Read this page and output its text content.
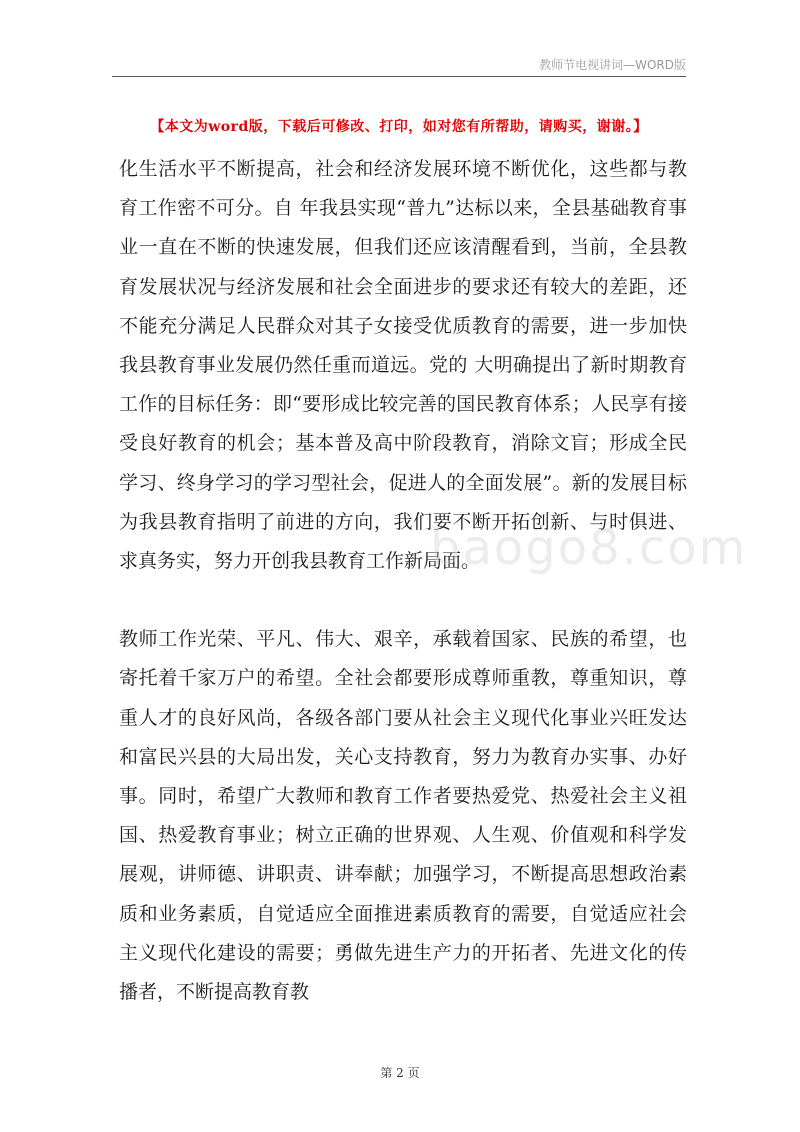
教师节电视讲词—WORD版
【本文为word版，下载后可修改、打印，如对您有所帮助，请购买，谢谢。】

化生活水平不断提高，社会和经济发展环境不断优化，这些都与教育工作密不可分。自 年我县实现“普九”达标以来，全县基础教育事业一直在不断的快速发展，但我们还应该清醒看到，当前，全县教育发展状况与经济发展和社会全面进步的要求还有较大的差距，还不能充分满足人民群众对其子女接受优质教育的需要，进一步加快我县教育事业发展仍然任重而道远。党的 大明确提出了新时期教育工作的目标任务：即“要形成比较完善的国民教育体系；人民享有接受良好教育的机会；基本普及高中阶段教育，消除文盲；形成全民学习、终身学习的学习型社会，促进人的全面发展”。新的发展目标为我县教育指明了前进的方向，我们要不断开拓创新、与时俱进、求真务实，努力开创我县教育工作新局面。

教师工作光荣、平凡、伟大、艰辛，承载着国家、民族的希望，也寄托着千家万户的希望。全社会都要形成尊师重教，尊重知识，尊重人才的良好风尚，各级各部门要从社会主义现代化事业兴旺发达和富民兴县的大局出发，关心支持教育，努力为教育办实事、办好事。同时，希望广大教师和教育工作者要热爱党、热爱社会主义祖国、热爱教育事业；树立正确的世界观、人生观、价值观和科学发展观，讲师德、讲职责、讲奉献；加强学习，不断提高思想政治素质和业务素质，自觉适应全面推进素质教育的需要，自觉适应社会主义现代化建设的需要；勇做先进生产力的开拓者、先进文化的传播者，不断提高教育教

baogo8.com
第 2 页
